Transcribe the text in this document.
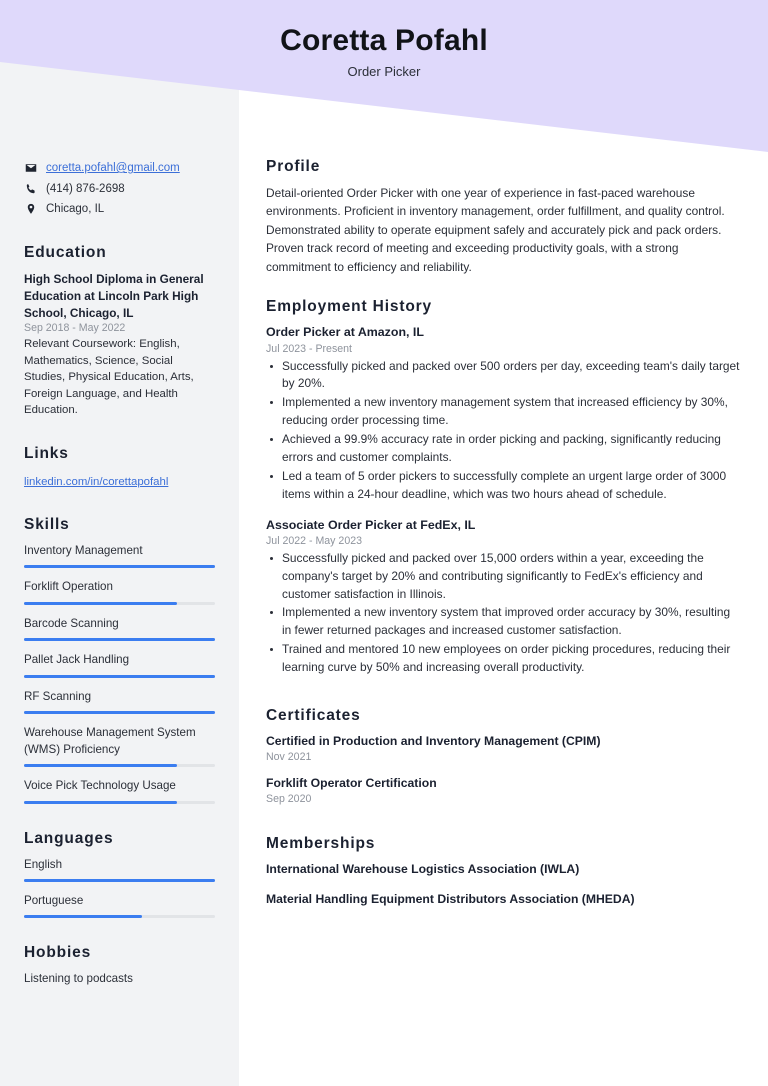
Coretta Pofahl
Order Picker
coretta.pofahl@gmail.com
(414) 876-2698
Chicago, IL
Education
High School Diploma in General Education at Lincoln Park High School, Chicago, IL
Sep 2018 - May 2022
Relevant Coursework: English, Mathematics, Science, Social Studies, Physical Education, Arts, Foreign Language, and Health Education.
Links
linkedin.com/in/corettapofahl
Skills
Inventory Management
Forklift Operation
Barcode Scanning
Pallet Jack Handling
RF Scanning
Warehouse Management System (WMS) Proficiency
Voice Pick Technology Usage
Languages
English
Portuguese
Hobbies
Listening to podcasts
Profile

Detail-oriented Order Picker with one year of experience in fast-paced warehouse environments. Proficient in inventory management, order fulfillment, and quality control. Demonstrated ability to operate equipment safely and accurately pick and pack orders. Proven track record of meeting and exceeding productivity goals, with a strong commitment to efficiency and reliability.

Employment History
Order Picker at Amazon, IL
Jul 2023 - Present
Successfully picked and packed over 500 orders per day, exceeding team's daily target by 20%.
Implemented a new inventory management system that increased efficiency by 30%, reducing order processing time.
Achieved a 99.9% accuracy rate in order picking and packing, significantly reducing errors and customer complaints.
Led a team of 5 order pickers to successfully complete an urgent large order of 3000 items within a 24-hour deadline, which was two hours ahead of schedule.
Associate Order Picker at FedEx, IL
Jul 2022 - May 2023
Successfully picked and packed over 15,000 orders within a year, exceeding the company's target by 20% and contributing significantly to FedEx's efficiency and customer satisfaction in Illinois.
Implemented a new inventory system that improved order accuracy by 30%, resulting in fewer returned packages and increased customer satisfaction.
Trained and mentored 10 new employees on order picking procedures, reducing their learning curve by 50% and increasing overall productivity.
Certificates
Certified in Production and Inventory Management (CPIM)
Nov 2021
Forklift Operator Certification
Sep 2020
Memberships
International Warehouse Logistics Association (IWLA)
Material Handling Equipment Distributors Association (MHEDA)
